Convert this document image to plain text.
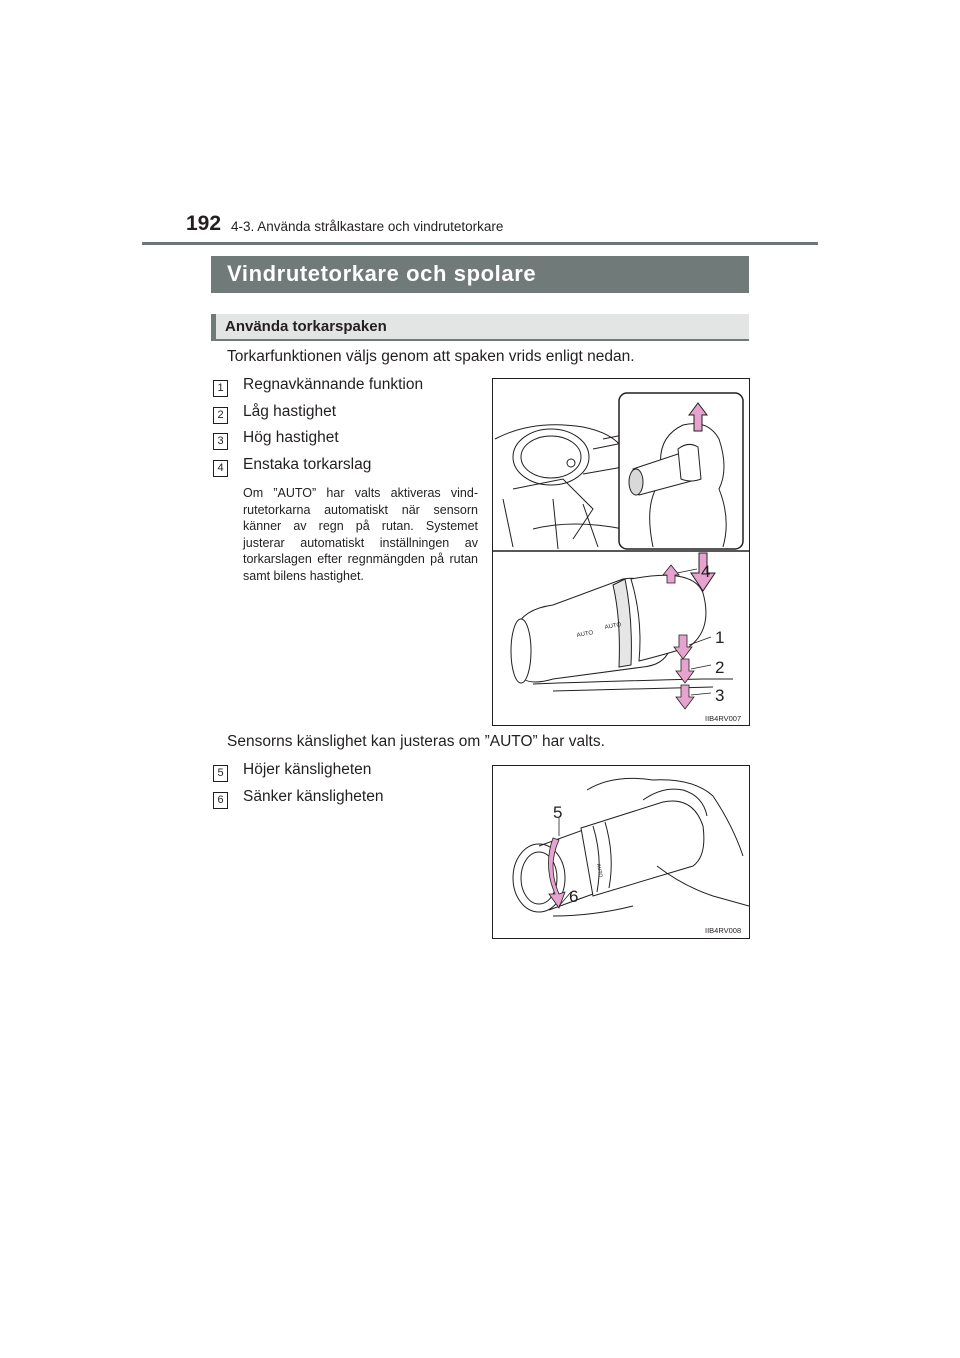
192 4-3. Använda strålkastare och vindrutetorkare
Vindrutetorkare och spolare
Använda torkarspaken
Torkarfunktionen väljs genom att spaken vrids enligt nedan.
1 Regnavkännande funktion
2 Låg hastighet
3 Hög hastighet
4 Enstaka torkarslag
Om ”AUTO” har valts aktiveras vind-rutetorkarna automatiskt när sensorn känner av regn på rutan. Systemet justerar automatiskt inställningen av torkarslagen efter regnmängden på rutan samt bilens hastighet.
AUTO
AUTO
4
1
2
3
IIB4RV007
Sensorns känslighet kan justeras om ”AUTO” har valts.
5 Höjer känsligheten
6 Sänker känsligheten
5
6
AUTO
IIB4RV008
